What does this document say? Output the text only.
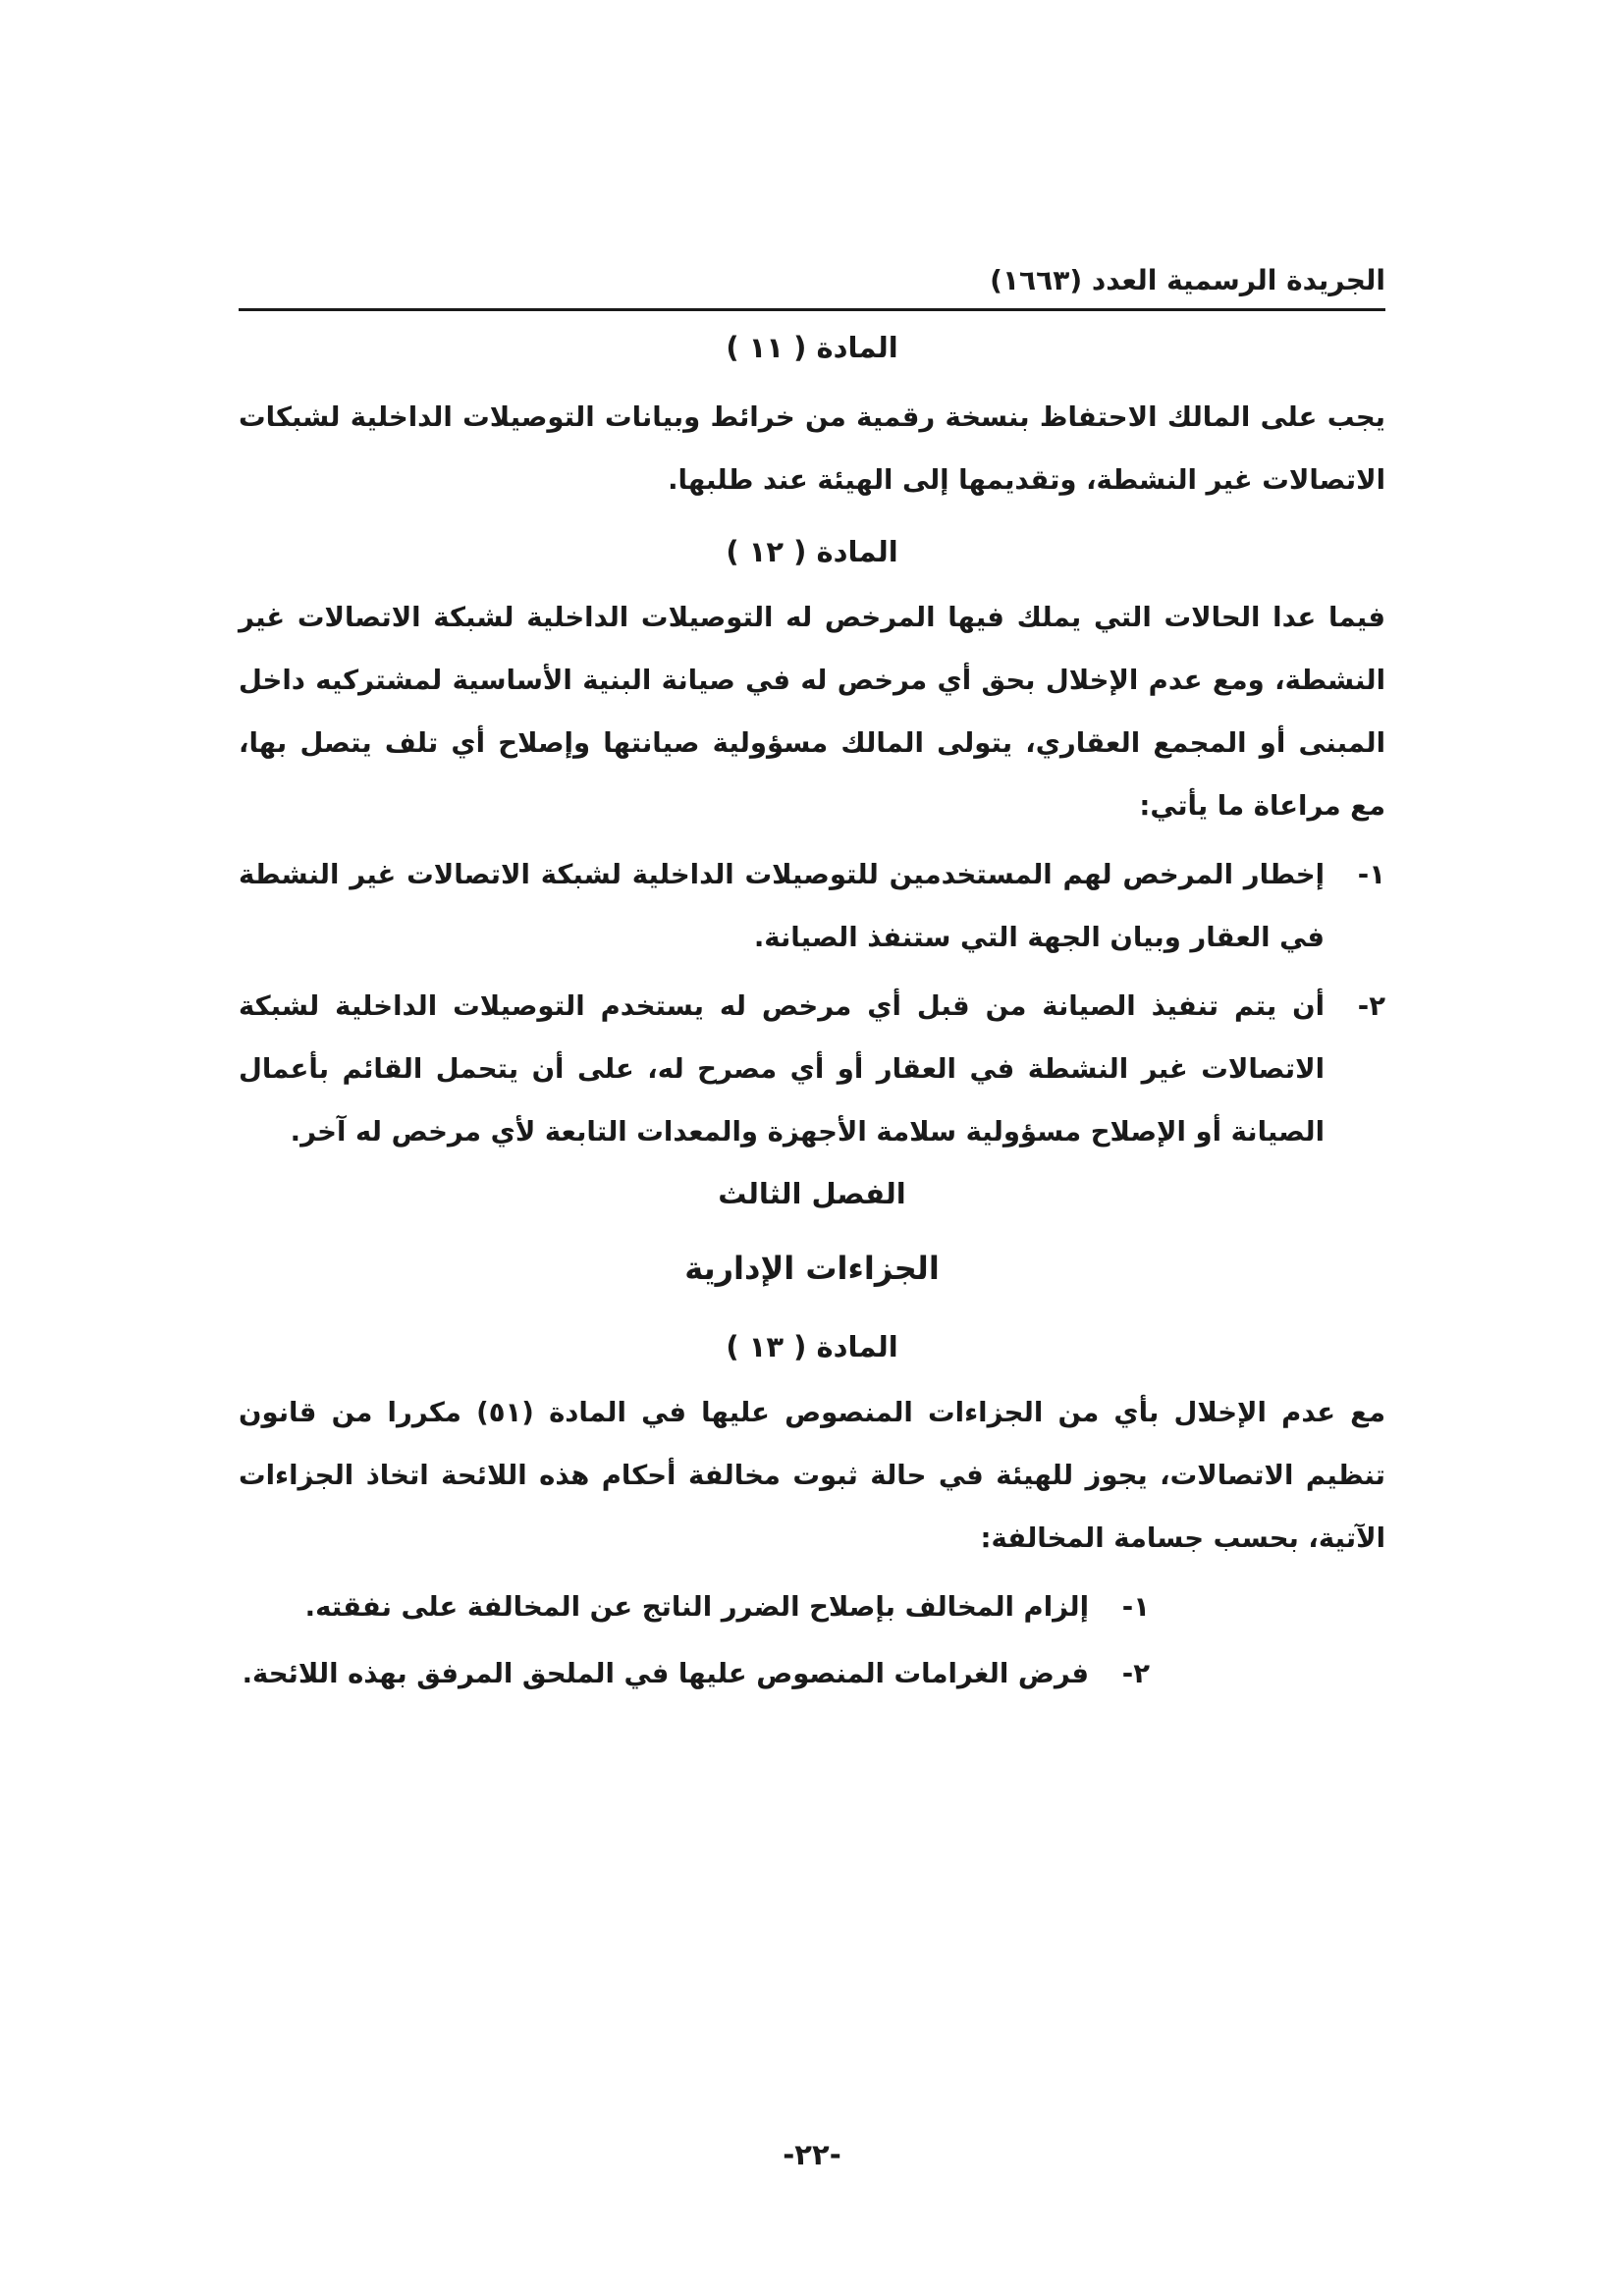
الجريدة الرسمية العدد (١٦٦٣)

المادة ( ١١ )

يجب على المالك الاحتفاظ بنسخة رقمية من خرائط وبيانات التوصيلات الداخلية لشبكات الاتصالات غير النشطة، وتقديمها إلى الهيئة عند طلبها.

المادة ( ١٢ )

فيما عدا الحالات التي يملك فيها المرخص له التوصيلات الداخلية لشبكة الاتصالات غير النشطة، ومع عدم الإخلال بحق أي مرخص له في صيانة البنية الأساسية لمشتركيه داخل المبنى أو المجمع العقاري، يتولى المالك مسؤولية صيانتها وإصلاح أي تلف يتصل بها، مع مراعاة ما يأتي:

١-
إخطار المرخص لهم المستخدمين للتوصيلات الداخلية لشبكة الاتصالات غير النشطة في العقار وبيان الجهة التي ستنفذ الصيانة.
٢-
أن يتم تنفيذ الصيانة من قبل أي مرخص له يستخدم التوصيلات الداخلية لشبكة الاتصالات غير النشطة في العقار أو أي مصرح له، على أن يتحمل القائم بأعمال الصيانة أو الإصلاح مسؤولية سلامة الأجهزة والمعدات التابعة لأي مرخص له آخر.

الفصل الثالث

الجزاءات الإدارية

المادة ( ١٣ )

مع عدم الإخلال بأي من الجزاءات المنصوص عليها في المادة (٥١) مكررا من قانون تنظيم الاتصالات، يجوز للهيئة في حالة ثبوت مخالفة أحكام هذه اللائحة اتخاذ الجزاءات الآتية، بحسب جسامة المخالفة:

١-
إلزام المخالف بإصلاح الضرر الناتج عن المخالفة على نفقته.
٢-
فرض الغرامات المنصوص عليها في الملحق المرفق بهذه اللائحة.
-٢٢-
